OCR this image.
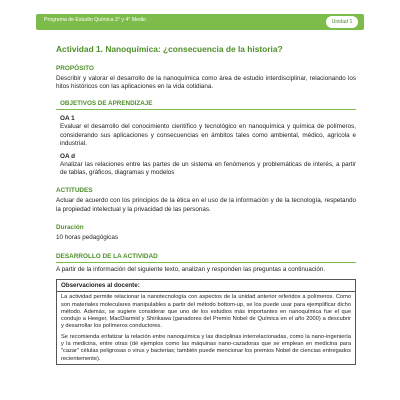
Programa de Estudio Química 3° y 4° Medio	Unidad 1
Actividad 1. Nanoquímica: ¿consecuencia de la historia?
PROPÓSITO
Describir y valorar el desarrollo de la nanoquímica como área de estudio interdisciplinar, relacionando los hitos históricos con las aplicaciones en la vida cotidiana.
OBJETIVOS DE APRENDIZAJE
OA 1
Evaluar el desarrollo del conocimiento científico y tecnológico en nanoquímica y química de polímeros, considerando sus aplicaciones y consecuencias en ámbitos tales como ambiental, médico, agrícola e industrial.
OA d
Analizar las relaciones entre las partes de un sistema en fenómenos y problemáticas de interés, a partir de tablas, gráficos, diagramas y modelos
ACTITUDES
Actuar de acuerdo con los principios de la ética en el uso de la información y de la tecnología, respetando la propiedad intelectual y la privacidad de las personas.
Duración
10 horas pedagógicas
DESARROLLO DE LA ACTIVIDAD
A partir de la información del siguiente texto, analizan y responden las preguntas a continuación.
Observaciones al docente:
La actividad permite relacionar la nanotecnología con aspectos de la unidad anterior referidos a polímeros. Como son materiales moleculares manipulables a partir del método bottom-up, se los puede usar para ejemplificar dicho método. Además, se sugiere considerar que uno de los estudios más importantes en nanoquímica fue el que condujo a Heeger, MacDiarmid y Shirikawa (ganadores del Premio Nobel de Química en el año 2000) a descubrir y desarrollar los polímeros conductores.
Se recomienda enfatizar la relación entre nanoquímica y las disciplinas interrelacionadas, como la nano-ingeniería y la medicina, entre otras (dé ejemplos como las máquinas nano-cazadoras que se emplean en medicina para "cazar" células peligrosas o virus y bacterias; también puede mencionar los premios Nobel de ciencias entregados recientemente).
